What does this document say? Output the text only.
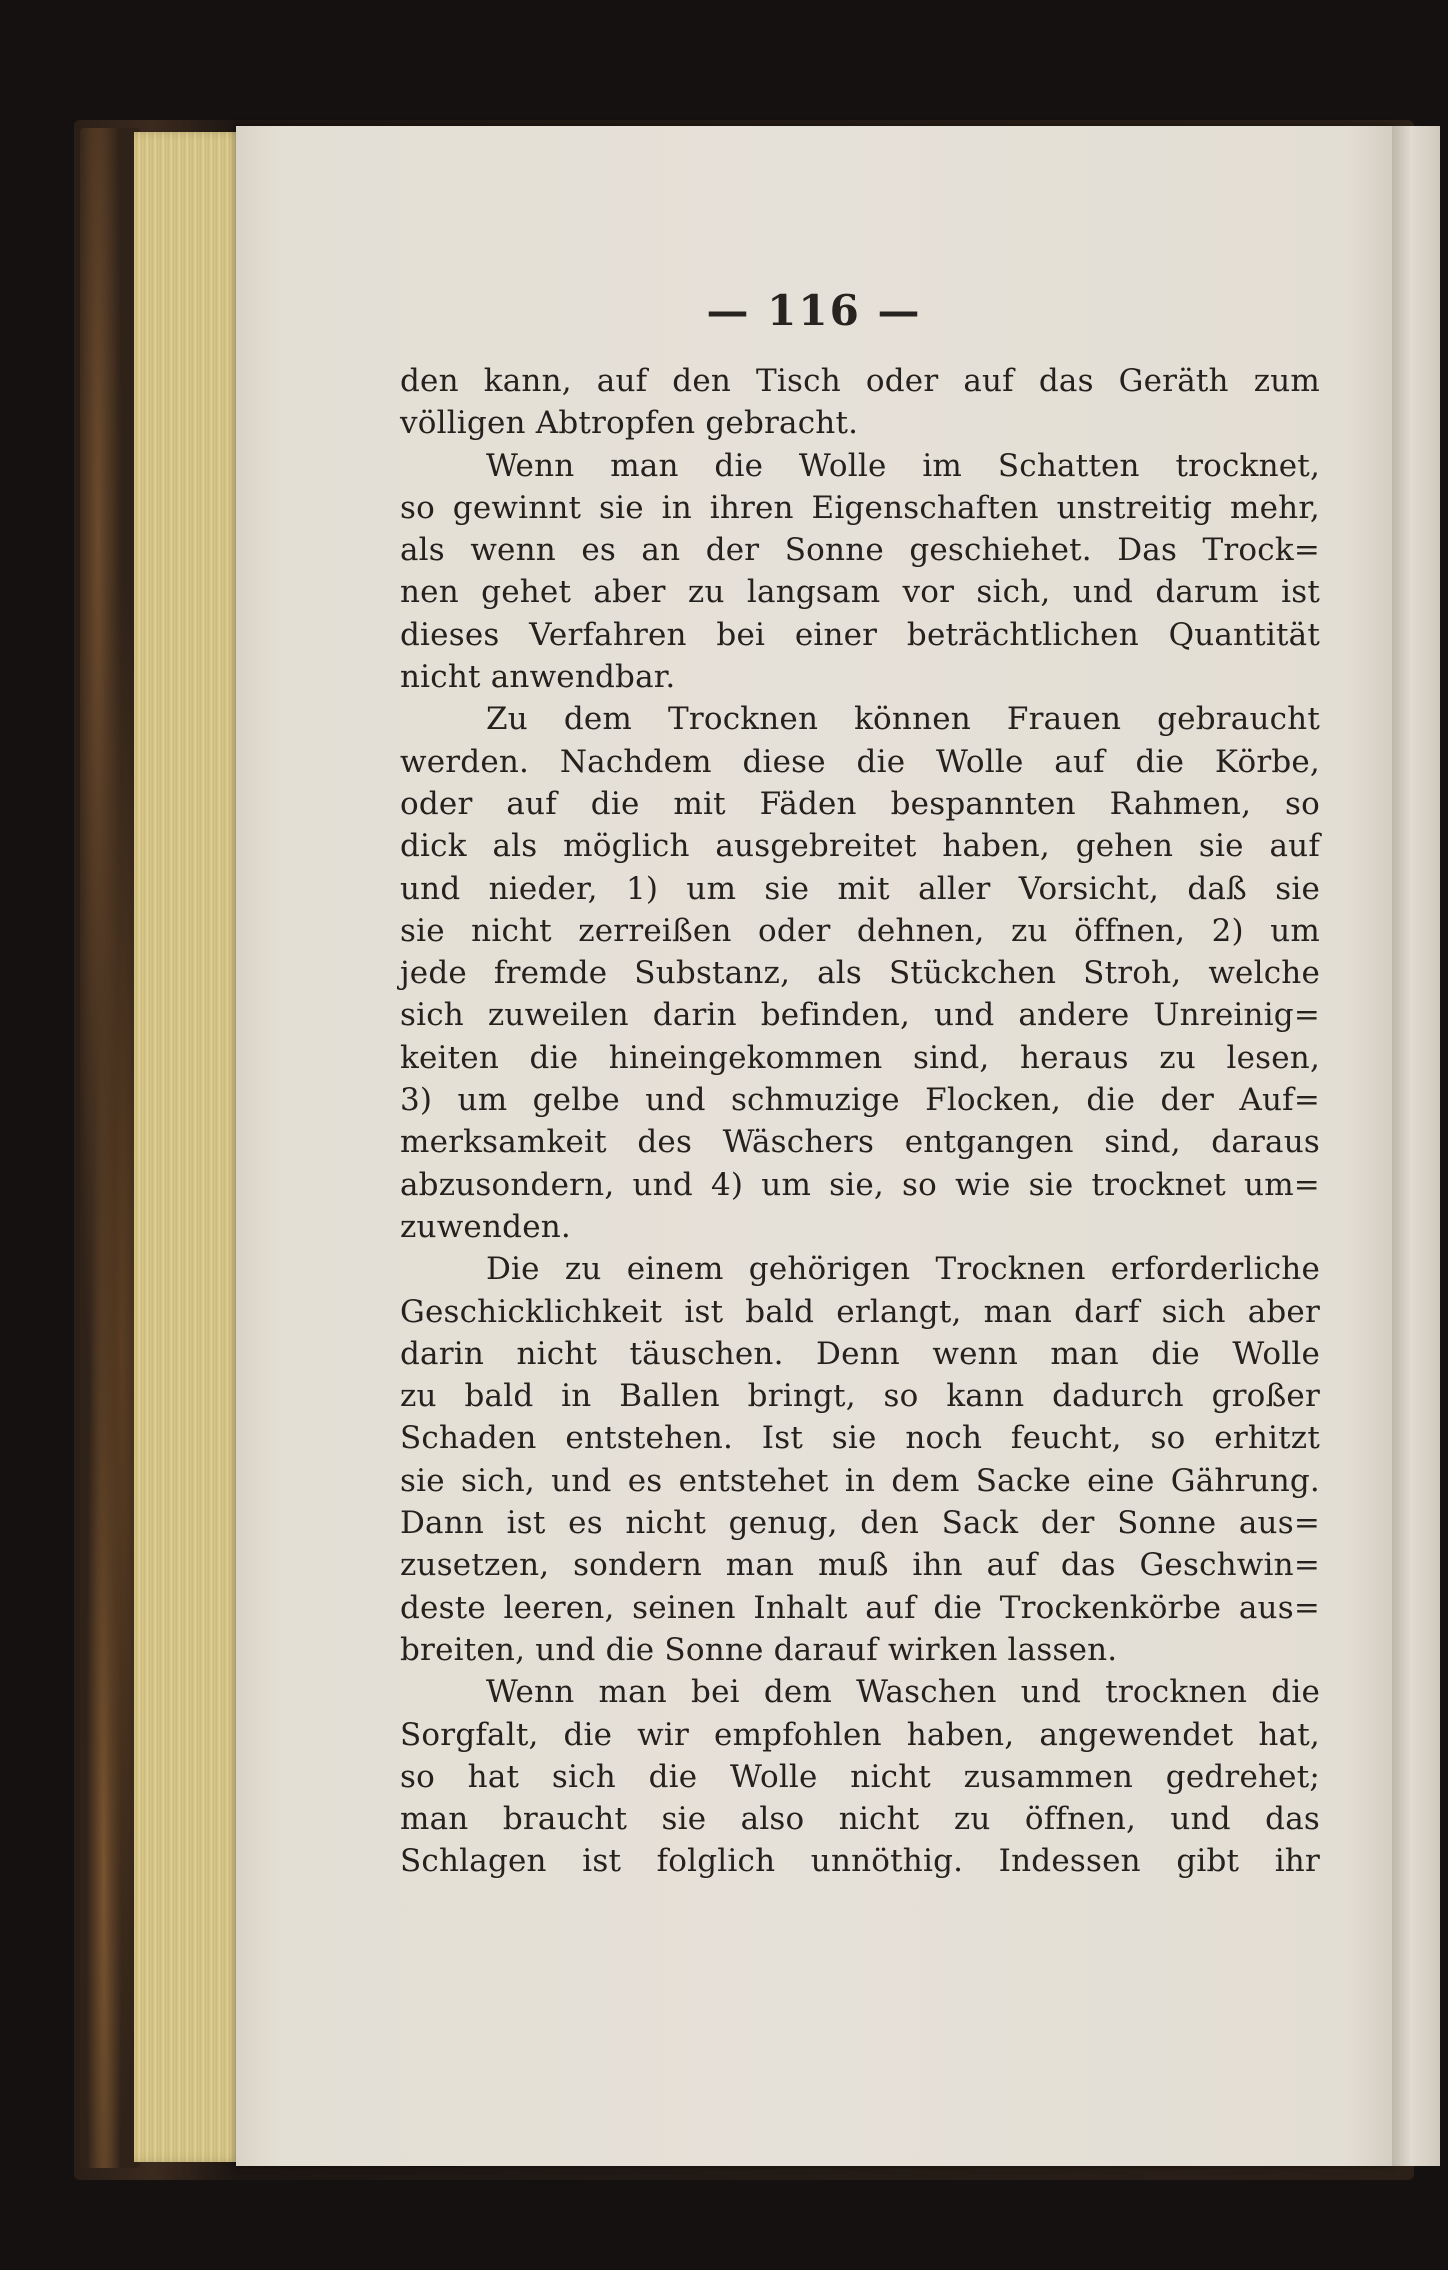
— 116 —
den kann, auf den Tisch oder auf das Geräth zum
völligen Abtropfen gebracht.
Wenn man die Wolle im Schatten trocknet,
so gewinnt sie in ihren Eigenschaften unstreitig mehr,
als wenn es an der Sonne geschiehet. Das Trock=
nen gehet aber zu langsam vor sich, und darum ist
dieses Verfahren bei einer beträchtlichen Quantität
nicht anwendbar.
Zu dem Trocknen können Frauen gebraucht
werden. Nachdem diese die Wolle auf die Körbe,
oder auf die mit Fäden bespannten Rahmen, so
dick als möglich ausgebreitet haben, gehen sie auf
und nieder, 1) um sie mit aller Vorsicht, daß sie
sie nicht zerreißen oder dehnen, zu öffnen, 2) um
jede fremde Substanz, als Stückchen Stroh, welche
sich zuweilen darin befinden, und andere Unreinig=
keiten die hineingekommen sind, heraus zu lesen,
3) um gelbe und schmuzige Flocken, die der Auf=
merksamkeit des Wäschers entgangen sind, daraus
abzusondern, und 4) um sie, so wie sie trocknet um=
zuwenden.
Die zu einem gehörigen Trocknen erforderliche
Geschicklichkeit ist bald erlangt, man darf sich aber
darin nicht täuschen. Denn wenn man die Wolle
zu bald in Ballen bringt, so kann dadurch großer
Schaden entstehen. Ist sie noch feucht, so erhitzt
sie sich, und es entstehet in dem Sacke eine Gährung.
Dann ist es nicht genug, den Sack der Sonne aus=
zusetzen, sondern man muß ihn auf das Geschwin=
deste leeren, seinen Inhalt auf die Trockenkörbe aus=
breiten, und die Sonne darauf wirken lassen.
Wenn man bei dem Waschen und trocknen die
Sorgfalt, die wir empfohlen haben, angewendet hat,
so hat sich die Wolle nicht zusammen gedrehet;
man braucht sie also nicht zu öffnen, und das
Schlagen ist folglich unnöthig. Indessen gibt ihr
